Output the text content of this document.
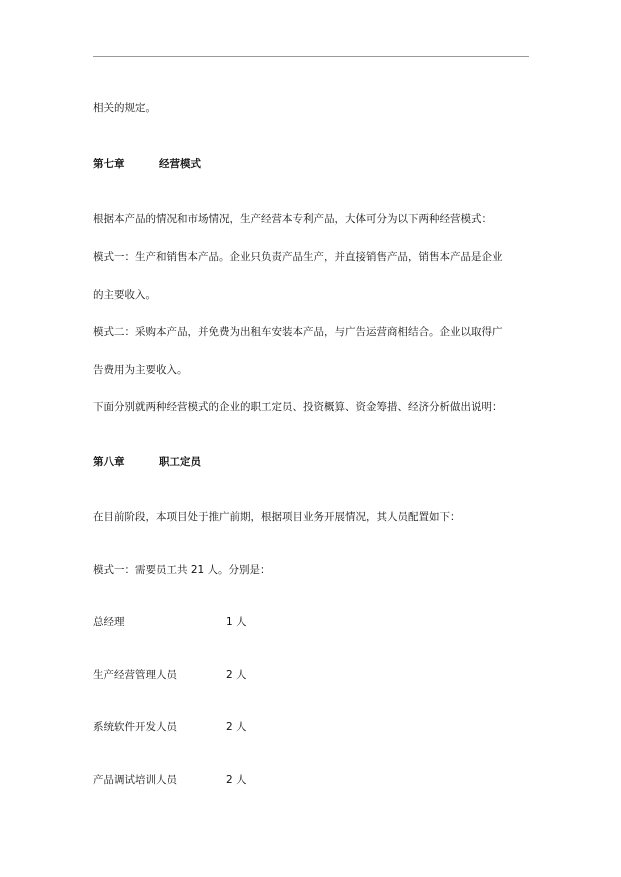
相关的规定。
第七章	经营模式
根据本产品的情况和市场情况，生产经营本专利产品，大体可分为以下两种经营模式：
模式一：生产和销售本产品。企业只负责产品生产，并直接销售产品，销售本产品是企业
的主要收入。
模式二：采购本产品，并免费为出租车安装本产品，与广告运营商相结合。企业以取得广
告费用为主要收入。
下面分别就两种经营模式的企业的职工定员、投资概算、资金筹措、经济分析做出说明：
第八章	职工定员
在目前阶段，本项目处于推广前期，根据项目业务开展情况，其人员配置如下：
模式一：需要员工共 21 人。分别是：
总经理	1 人
生产经营管理人员	2 人
系统软件开发人员	2 人
产品调试培训人员	2 人
